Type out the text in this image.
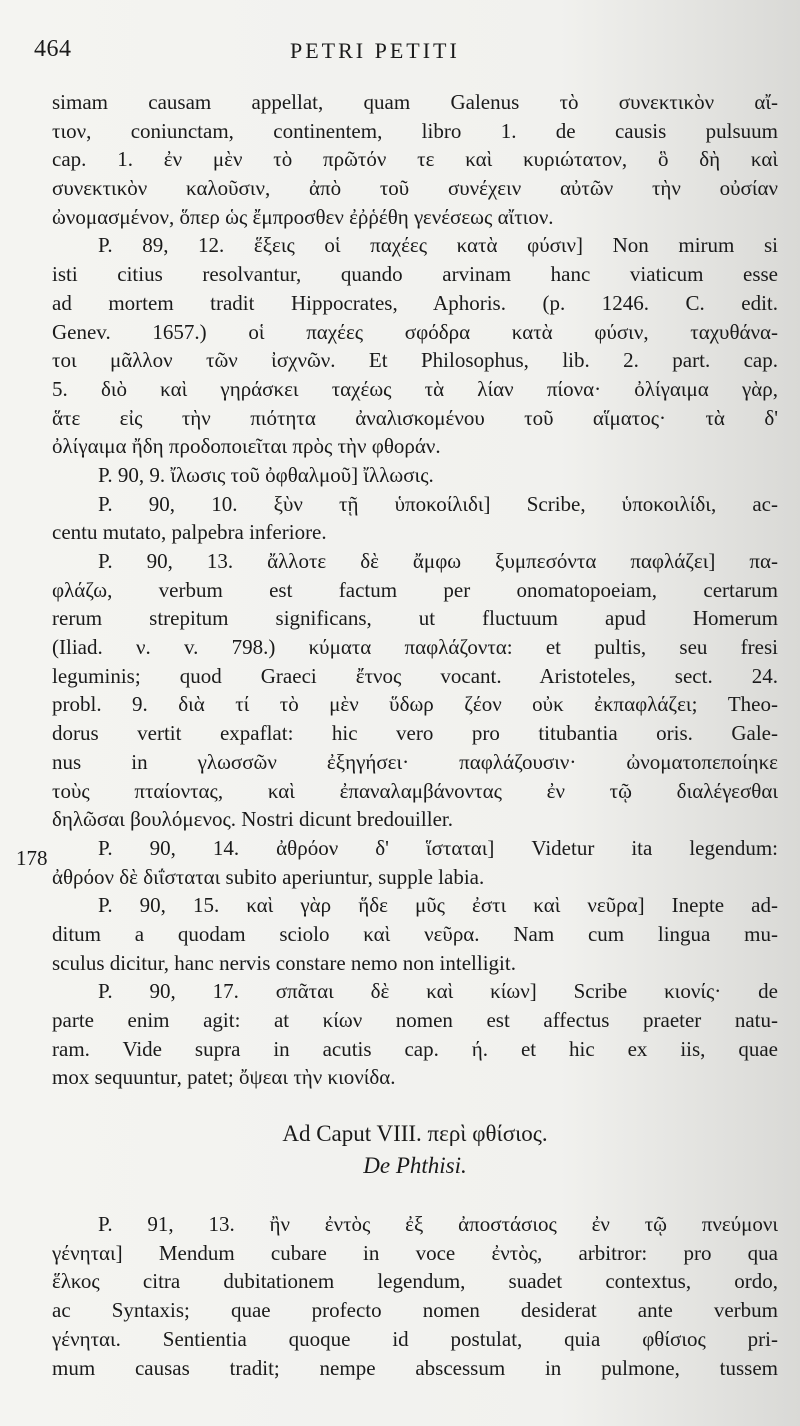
464	PETRI PETITI
178
simam causam appellat, quam Galenus τὸ συνεκτικὸν αἴ-
τιον, coniunctam, continentem, libro 1. de causis pulsuum
cap. 1. ἐν μὲν τὸ πρῶτόν τε καὶ κυριώτατον, ὃ δὴ καὶ
συνεκτικὸν καλοῦσιν, ἀπὸ τοῦ συνέχειν αὐτῶν τὴν οὐσίαν
ὠνομασμένον, ὅπερ ὡς ἔμπροσθεν ἐῤῥέθη γενέσεως αἴτιον.
P. 89, 12. ἕξεις οἱ παχέες κατὰ φύσιν] Non mirum si
isti citius resolvantur, quando arvinam hanc viaticum esse
ad mortem tradit Hippocrates, Aphoris. (p. 1246. C. edit.
Genev. 1657.) οἱ παχέες σφόδρα κατὰ φύσιν, ταχυθάνα-
τοι μᾶλλον τῶν ἰσχνῶν. Et Philosophus, lib. 2. part. cap.
5. διὸ καὶ γηράσκει ταχέως τὰ λίαν πίονα· ὀλίγαιμα γὰρ,
ἅτε εἰς τὴν πιότητα ἀναλισκομένου τοῦ αἵματος· τὰ δ'
ὀλίγαιμα ἤδη προδοποιεῖται πρὸς τὴν φθοράν.
P. 90, 9. ἴλωσις τοῦ ὀφθαλμοῦ] ἴλλωσις.
P. 90, 10. ξὺν τῇ ὑποκοίλιδι] Scribe, ὑποκοιλίδι, ac-
centu mutato, palpebra inferiore.
P. 90, 13. ἄλλοτε δὲ ἄμφω ξυμπεσόντα παφλάζει] πα-
φλάζω, verbum est factum per onomatopoeiam, certarum
rerum strepitum significans, ut fluctuum apud Homerum
(Iliad. ν. v. 798.) κύματα παφλάζοντα: et pultis, seu fresi
leguminis; quod Graeci ἔτνος vocant. Aristoteles, sect. 24.
probl. 9. διὰ τί τὸ μὲν ὕδωρ ζέον οὐκ ἐκπαφλάζει; Theo-
dorus vertit expaflat: hic vero pro titubantia oris. Gale-
nus in γλωσσῶν ἐξηγήσει· παφλάζουσιν· ὠνοματοπεποίηκε
τοὺς πταίοντας, καὶ ἐπαναλαμβάνοντας ἐν τῷ διαλέγεσθαι
δηλῶσαι βουλόμενος. Nostri dicunt bredouiller.
P. 90, 14. ἀθρόον δ' ἵσταται] Videtur ita legendum:
ἀθρόον δὲ διΐσταται subito aperiuntur, supple labia.
P. 90, 15. καὶ γὰρ ἥδε μῦς ἐστι καὶ νεῦρα] Inepte ad-
ditum a quodam sciolo καὶ νεῦρα. Nam cum lingua mu-
sculus dicitur, hanc nervis constare nemo non intelligit.
P. 90, 17. σπᾶται δὲ καὶ κίων] Scribe κιονίς· de
parte enim agit: at κίων nomen est affectus praeter natu-
ram. Vide supra in acutis cap. ή. et hic ex iis, quae
mox sequuntur, patet; ὄψεαι τὴν κιονίδα.
Ad Caput VIII. περὶ φθίσιος.
De Phthisi.
P. 91, 13. ἢν ἐντὸς ἐξ ἀποστάσιος ἐν τῷ πνεύμονι
γένηται] Mendum cubare in voce ἐντὸς, arbitror: pro qua
ἕλκος citra dubitationem legendum, suadet contextus, ordo,
ac Syntaxis; quae profecto nomen desiderat ante verbum
γένηται. Sentientia quoque id postulat, quia φθίσιος pri-
mum causas tradit; nempe abscessum in pulmone, tussem
